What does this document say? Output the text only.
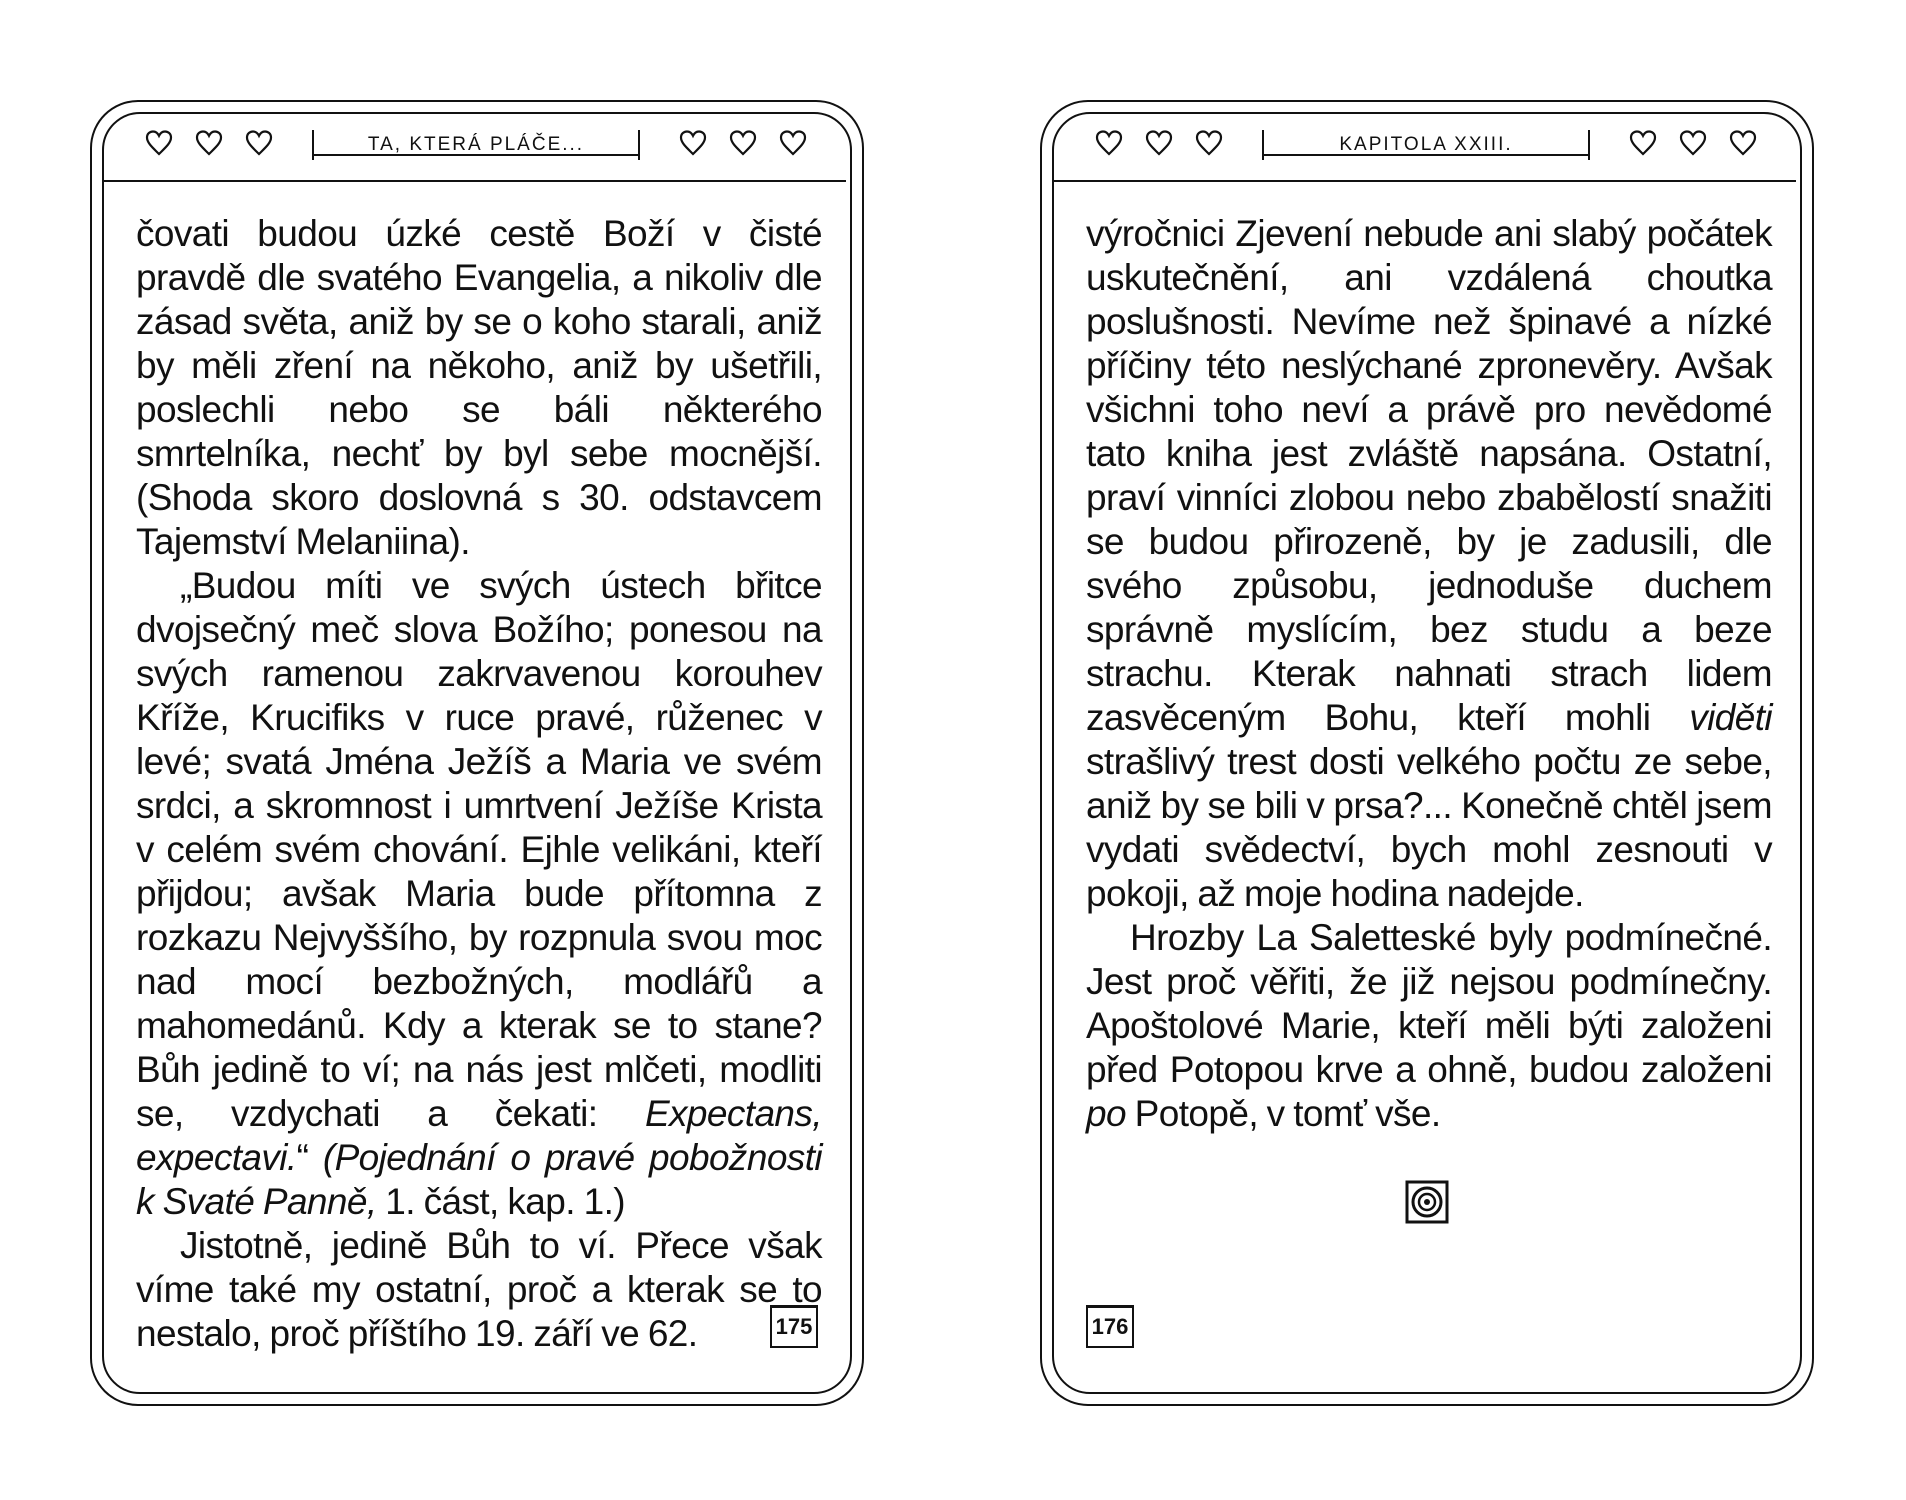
TA, KTERÁ PLÁČE...

čovati budou úzké cestě Boží v čisté pravdě dle svatého Evangelia, a nikoliv dle zásad světa, aniž by se o koho starali, aniž by měli zření na někoho, aniž by ušetřili, poslechli nebo se báli některého smrtelníka, nechť by byl sebe mocnější. (Shoda skoro doslovná s 30. odstavcem Tajemství Melaniina).

„Budou míti ve svých ústech břitce dvojsečný meč slova Božího; ponesou na svých ramenou zakrvavenou korouhev Kříže, Krucifiks v ruce pravé, růženec v levé; svatá Jména Ježíš a Maria ve svém srdci, a skromnost i umrtvení Ježíše Krista v celém svém chování. Ejhle velikáni, kteří přijdou; avšak Maria bude přítomna z rozkazu Nejvyššího, by rozpnula svou moc nad mocí bezbožných, modlářů a mahomedánů. Kdy a kterak se to stane? Bůh jedině to ví; na nás jest mlčeti, modliti se, vzdychati a čekati: Expectans, expectavi.“ (Pojednání o pravé pobožnosti k Svaté Panně, 1. část, kap. 1.)

Jistotně, jedině Bůh to ví. Přece však víme také my ostatní, proč a kterak se to nestalo, proč příštího 19. září ve 62.	175
KAPITOLA XXIII.

výročnici Zjevení nebude ani slabý počátek uskutečnění, ani vzdálená choutka poslušnosti. Nevíme než špinavé a nízké příčiny této neslýchané zpronevěry. Avšak všichni toho neví a právě pro nevědomé tato kniha jest zvláště napsána. Ostatní, praví vinníci zlobou nebo zbabělostí snažiti se budou přirozeně, by je zadusili, dle svého způsobu, jednoduše duchem správně myslícím, bez studu a beze strachu. Kterak nahnati strach lidem zasvěceným Bohu, kteří mohli viděti strašlivý trest dosti velkého počtu ze sebe, aniž by se bili v prsa?... Konečně chtěl jsem vydati svědectví, bych mohl zesnouti v pokoji, až moje hodina nadejde.

Hrozby La Saletteské byly podmínečné. Jest proč věřiti, že již nejsou podmínečny. Apoštolové Marie, kteří měli býti založeni před Potopou krve a ohně, budou založeni po Potopě, v tomť vše.

176
